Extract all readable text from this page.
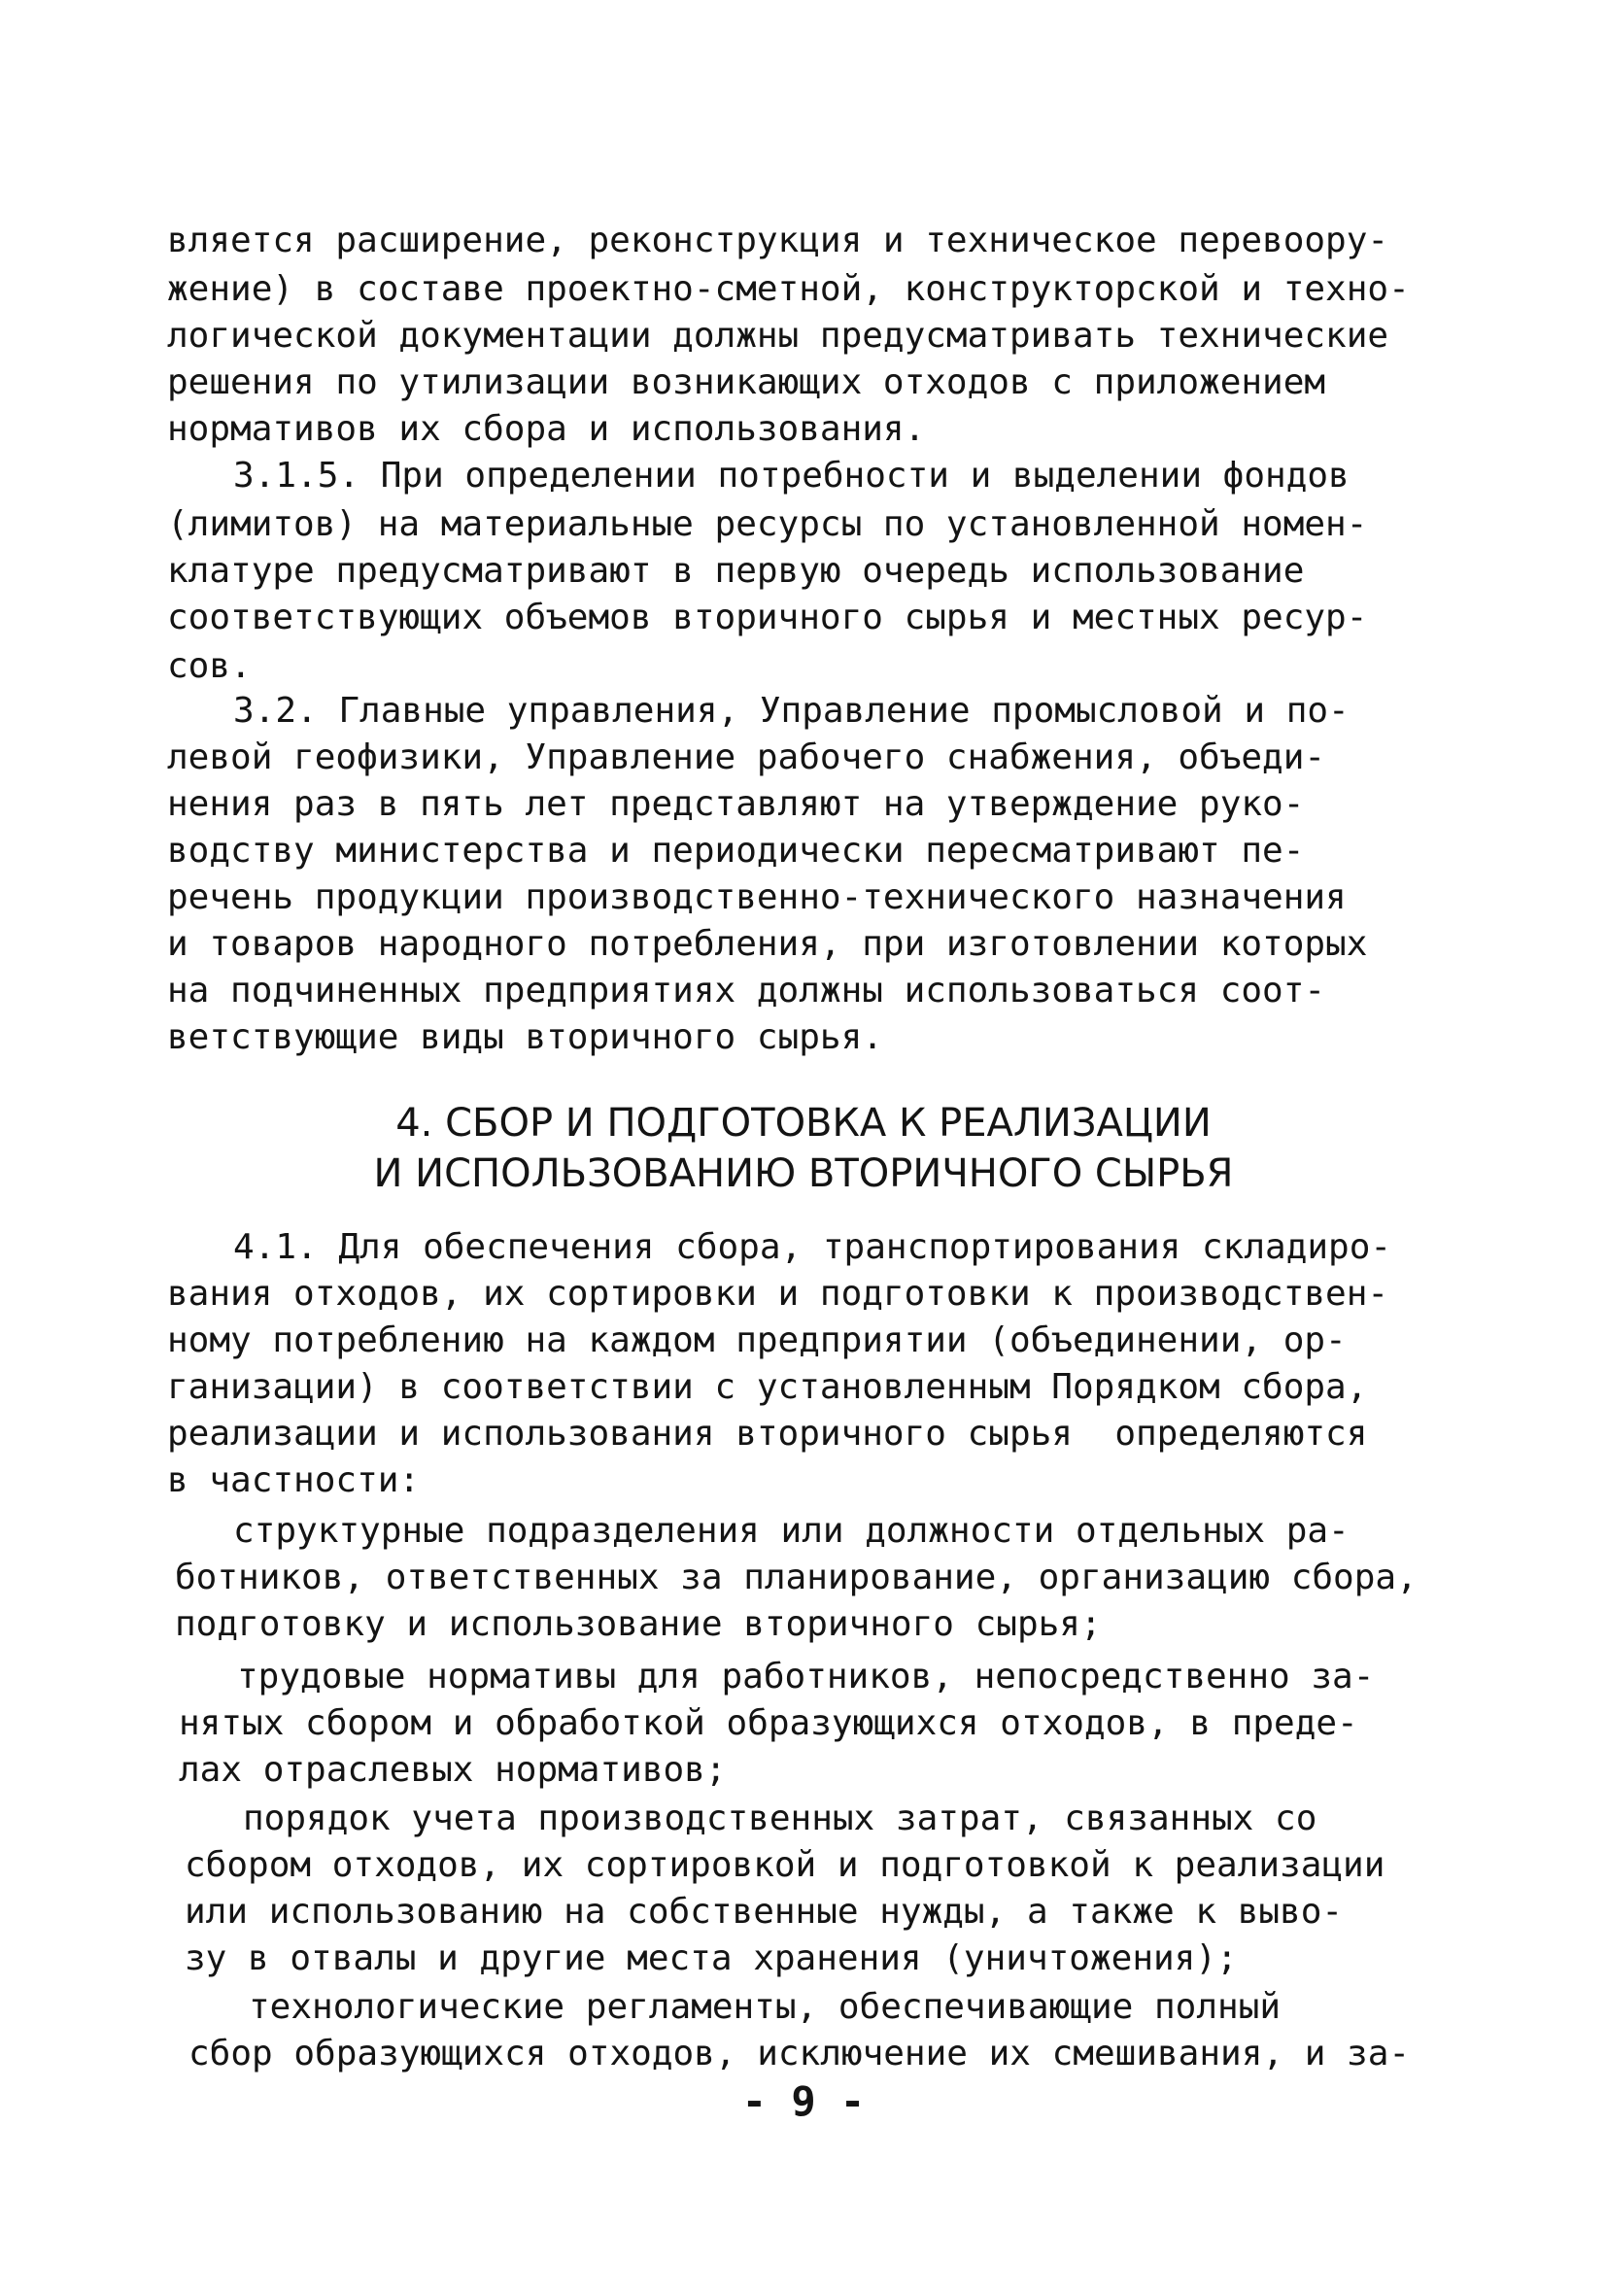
вляется расширение, реконструкция и техническое перевоору-
жение) в составе проектно-сметной, конструкторской и техно-
логической документации должны предусматривать технические
решения по утилизации возникающих отходов с приложением
нормативов их сбора и использования.
3.1.5. При определении потребности и выделении фондов
(лимитов) на материальные ресурсы по установленной номен-
клатуре предусматривают в первую очередь использование
соответствующих объемов вторичного сырья и местных ресур-
сов.
3.2. Главные управления, Управление промысловой и по-
левой геофизики, Управление рабочего снабжения, объеди-
нения раз в пять лет представляют на утверждение руко-
водству министерства и периодически пересматривают пе-
речень продукции производственно-технического назначения
и товаров народного потребления, при изготовлении которых
на подчиненных предприятиях должны использоваться соот-
ветствующие виды вторичного сырья.
4. СБОР И ПОДГОТОВКА К РЕАЛИЗАЦИИ
И ИСПОЛЬЗОВАНИЮ ВТОРИЧНОГО СЫРЬЯ
4.1. Для обеспечения сбора, транспортирования складиро-
вания отходов, их сортировки и подготовки к производствен-
ному потреблению на каждом предприятии (объединении, ор-
ганизации) в соответствии с установленным Порядком сбора,
реализации и использования вторичного сырья  определяются
в частности:
структурные подразделения или должности отдельных ра-
ботников, ответственных за планирование, организацию сбора,
подготовку и использование вторичного сырья;
трудовые нормативы для работников, непосредственно за-
нятых сбором и обработкой образующихся отходов, в преде-
лах отраслевых нормативов;
порядок учета производственных затрат, связанных со
сбором отходов, их сортировкой и подготовкой к реализации
или использованию на собственные нужды, а также к выво-
зу в отвалы и другие места хранения (уничтожения);
технологические регламенты, обеспечивающие полный
сбор образующихся отходов, исключение их смешивания, и за-
- 9 -
